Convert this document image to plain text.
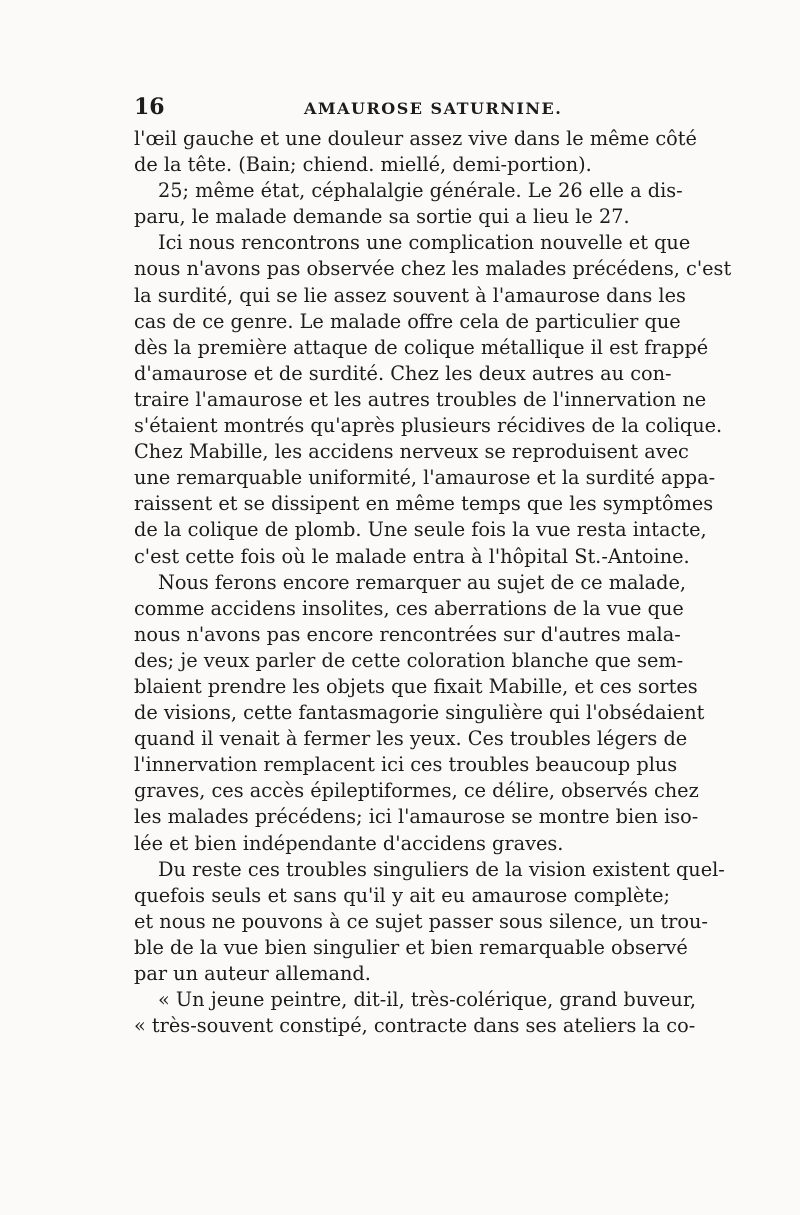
16	AMAUROSE SATURNINE.
l'œil gauche et une douleur assez vive dans le même côté
de la tête. (Bain; chiend. miellé, demi-portion).
25; même état, céphalalgie générale. Le 26 elle a dis-
paru, le malade demande sa sortie qui a lieu le 27.
Ici nous rencontrons une complication nouvelle et que
nous n'avons pas observée chez les malades précédens, c'est
la surdité, qui se lie assez souvent à l'amaurose dans les
cas de ce genre. Le malade offre cela de particulier que
dès la première attaque de colique métallique il est frappé
d'amaurose et de surdité. Chez les deux autres au con-
traire l'amaurose et les autres troubles de l'innervation ne
s'étaient montrés qu'après plusieurs récidives de la colique.
Chez Mabille, les accidens nerveux se reproduisent avec
une remarquable uniformité, l'amaurose et la surdité appa-
raissent et se dissipent en même temps que les symptômes
de la colique de plomb. Une seule fois la vue resta intacte,
c'est cette fois où le malade entra à l'hôpital St.-Antoine.
Nous ferons encore remarquer au sujet de ce malade,
comme accidens insolites, ces aberrations de la vue que
nous n'avons pas encore rencontrées sur d'autres mala-
des; je veux parler de cette coloration blanche que sem-
blaient prendre les objets que fixait Mabille, et ces sortes
de visions, cette fantasmagorie singulière qui l'obsédaient
quand il venait à fermer les yeux. Ces troubles légers de
l'innervation remplacent ici ces troubles beaucoup plus
graves, ces accès épileptiformes, ce délire, observés chez
les malades précédens; ici l'amaurose se montre bien iso-
lée et bien indépendante d'accidens graves.
Du reste ces troubles singuliers de la vision existent quel-
quefois seuls et sans qu'il y ait eu amaurose complète;
et nous ne pouvons à ce sujet passer sous silence, un trou-
ble de la vue bien singulier et bien remarquable observé
par un auteur allemand.
« Un jeune peintre, dit-il, très-colérique, grand buveur,
« très-souvent constipé, contracte dans ses ateliers la co-
